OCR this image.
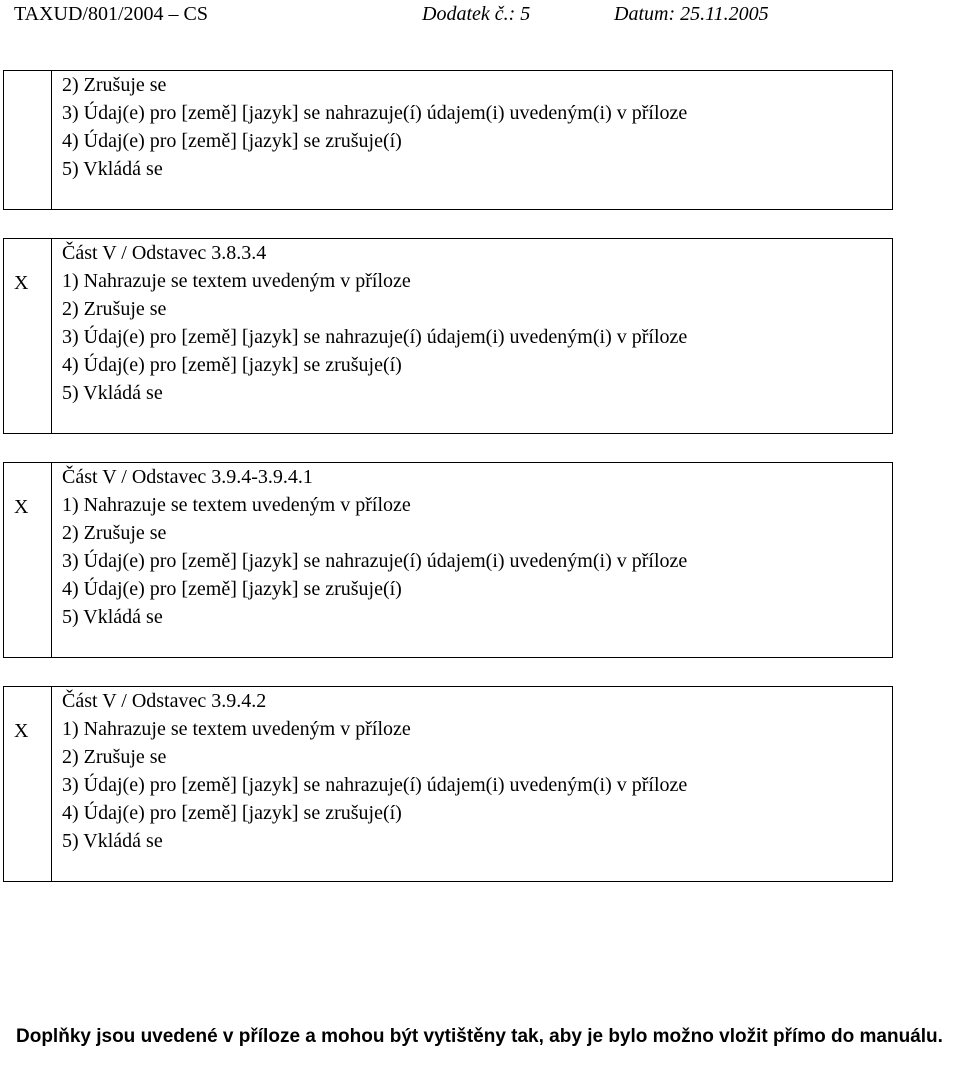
TAXUD/801/2004 – CS	Dodatek č.: 5	Datum: 25.11.2005
2) Zrušuje se
3) Údaj(e) pro [země] [jazyk] se nahrazuje(í) údajem(i) uvedeným(i) v příloze
4) Údaj(e) pro [země] [jazyk] se zrušuje(í)
5) Vkládá se
X
Část V / Odstavec 3.8.3.4
1) Nahrazuje se textem uvedeným v příloze
2) Zrušuje se
3) Údaj(e) pro [země] [jazyk] se nahrazuje(í) údajem(i) uvedeným(i) v příloze
4) Údaj(e) pro [země] [jazyk] se zrušuje(í)
5) Vkládá se
X
Část V / Odstavec 3.9.4-3.9.4.1
1) Nahrazuje se textem uvedeným v příloze
2) Zrušuje se
3) Údaj(e) pro [země] [jazyk] se nahrazuje(í) údajem(i) uvedeným(i) v příloze
4) Údaj(e) pro [země] [jazyk] se zrušuje(í)
5) Vkládá se
X
Část V / Odstavec 3.9.4.2
1) Nahrazuje se textem uvedeným v příloze
2) Zrušuje se
3) Údaj(e) pro [země] [jazyk] se nahrazuje(í) údajem(i) uvedeným(i) v příloze
4) Údaj(e) pro [země] [jazyk] se zrušuje(í)
5) Vkládá se
Doplňky jsou uvedené v příloze a mohou být vytištěny tak, aby je bylo možno vložit přímo do manuálu.
